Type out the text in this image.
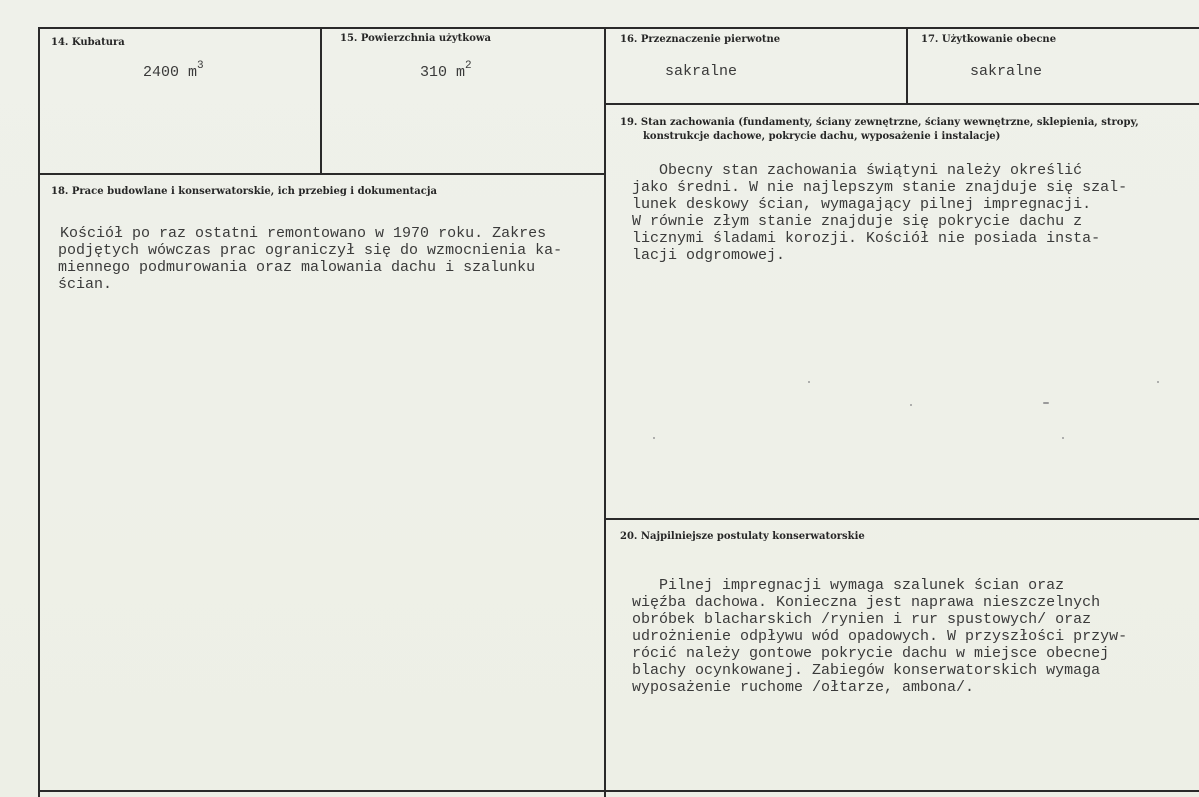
14. Kubatura
2400 $m^3$
15. Powierzchnia użytkowa
310 $m^2$
16. Przeznaczenie pierwotne
sakralne
17. Użytkowanie obecne
sakralne
18. Prace budowlane i konserwatorskie, ich przebieg i dokumentacja
Kościół po raz ostatni remontowano w 1970 roku. Zakres
podjętych wówczas prac ograniczył się do wzmocnienia ka-
miennego podmurowania oraz malowania dachu i szalunku
ścian.
19. Stan zachowania (fundamenty, ściany zewnętrzne, ściany wewnętrzne, sklepienia, stropy,
konstrukcje dachowe, pokrycie dachu, wyposażenie i instalacje)
Obecny stan zachowania świątyni należy określić
jako średni. W nie najlepszym stanie znajduje się szal-
lunek deskowy ścian, wymagający pilnej impregnacji.
W równie złym stanie znajduje się pokrycie dachu z
licznymi śladami korozji. Kościół nie posiada insta-
lacji odgromowej.
20. Najpilniejsze postulaty konserwatorskie
Pilnej impregnacji wymaga szalunek ścian oraz
więźba dachowa. Konieczna jest naprawa nieszczelnych
obróbek blacharskich /rynien i rur spustowych/ oraz
udrożnienie odpływu wód opadowych. W przyszłości przyw-
rócić należy gontowe pokrycie dachu w miejsce obecnej
blachy ocynkowanej. Zabiegów konserwatorskich wymaga
wyposażenie ruchome /ołtarze, ambona/.
